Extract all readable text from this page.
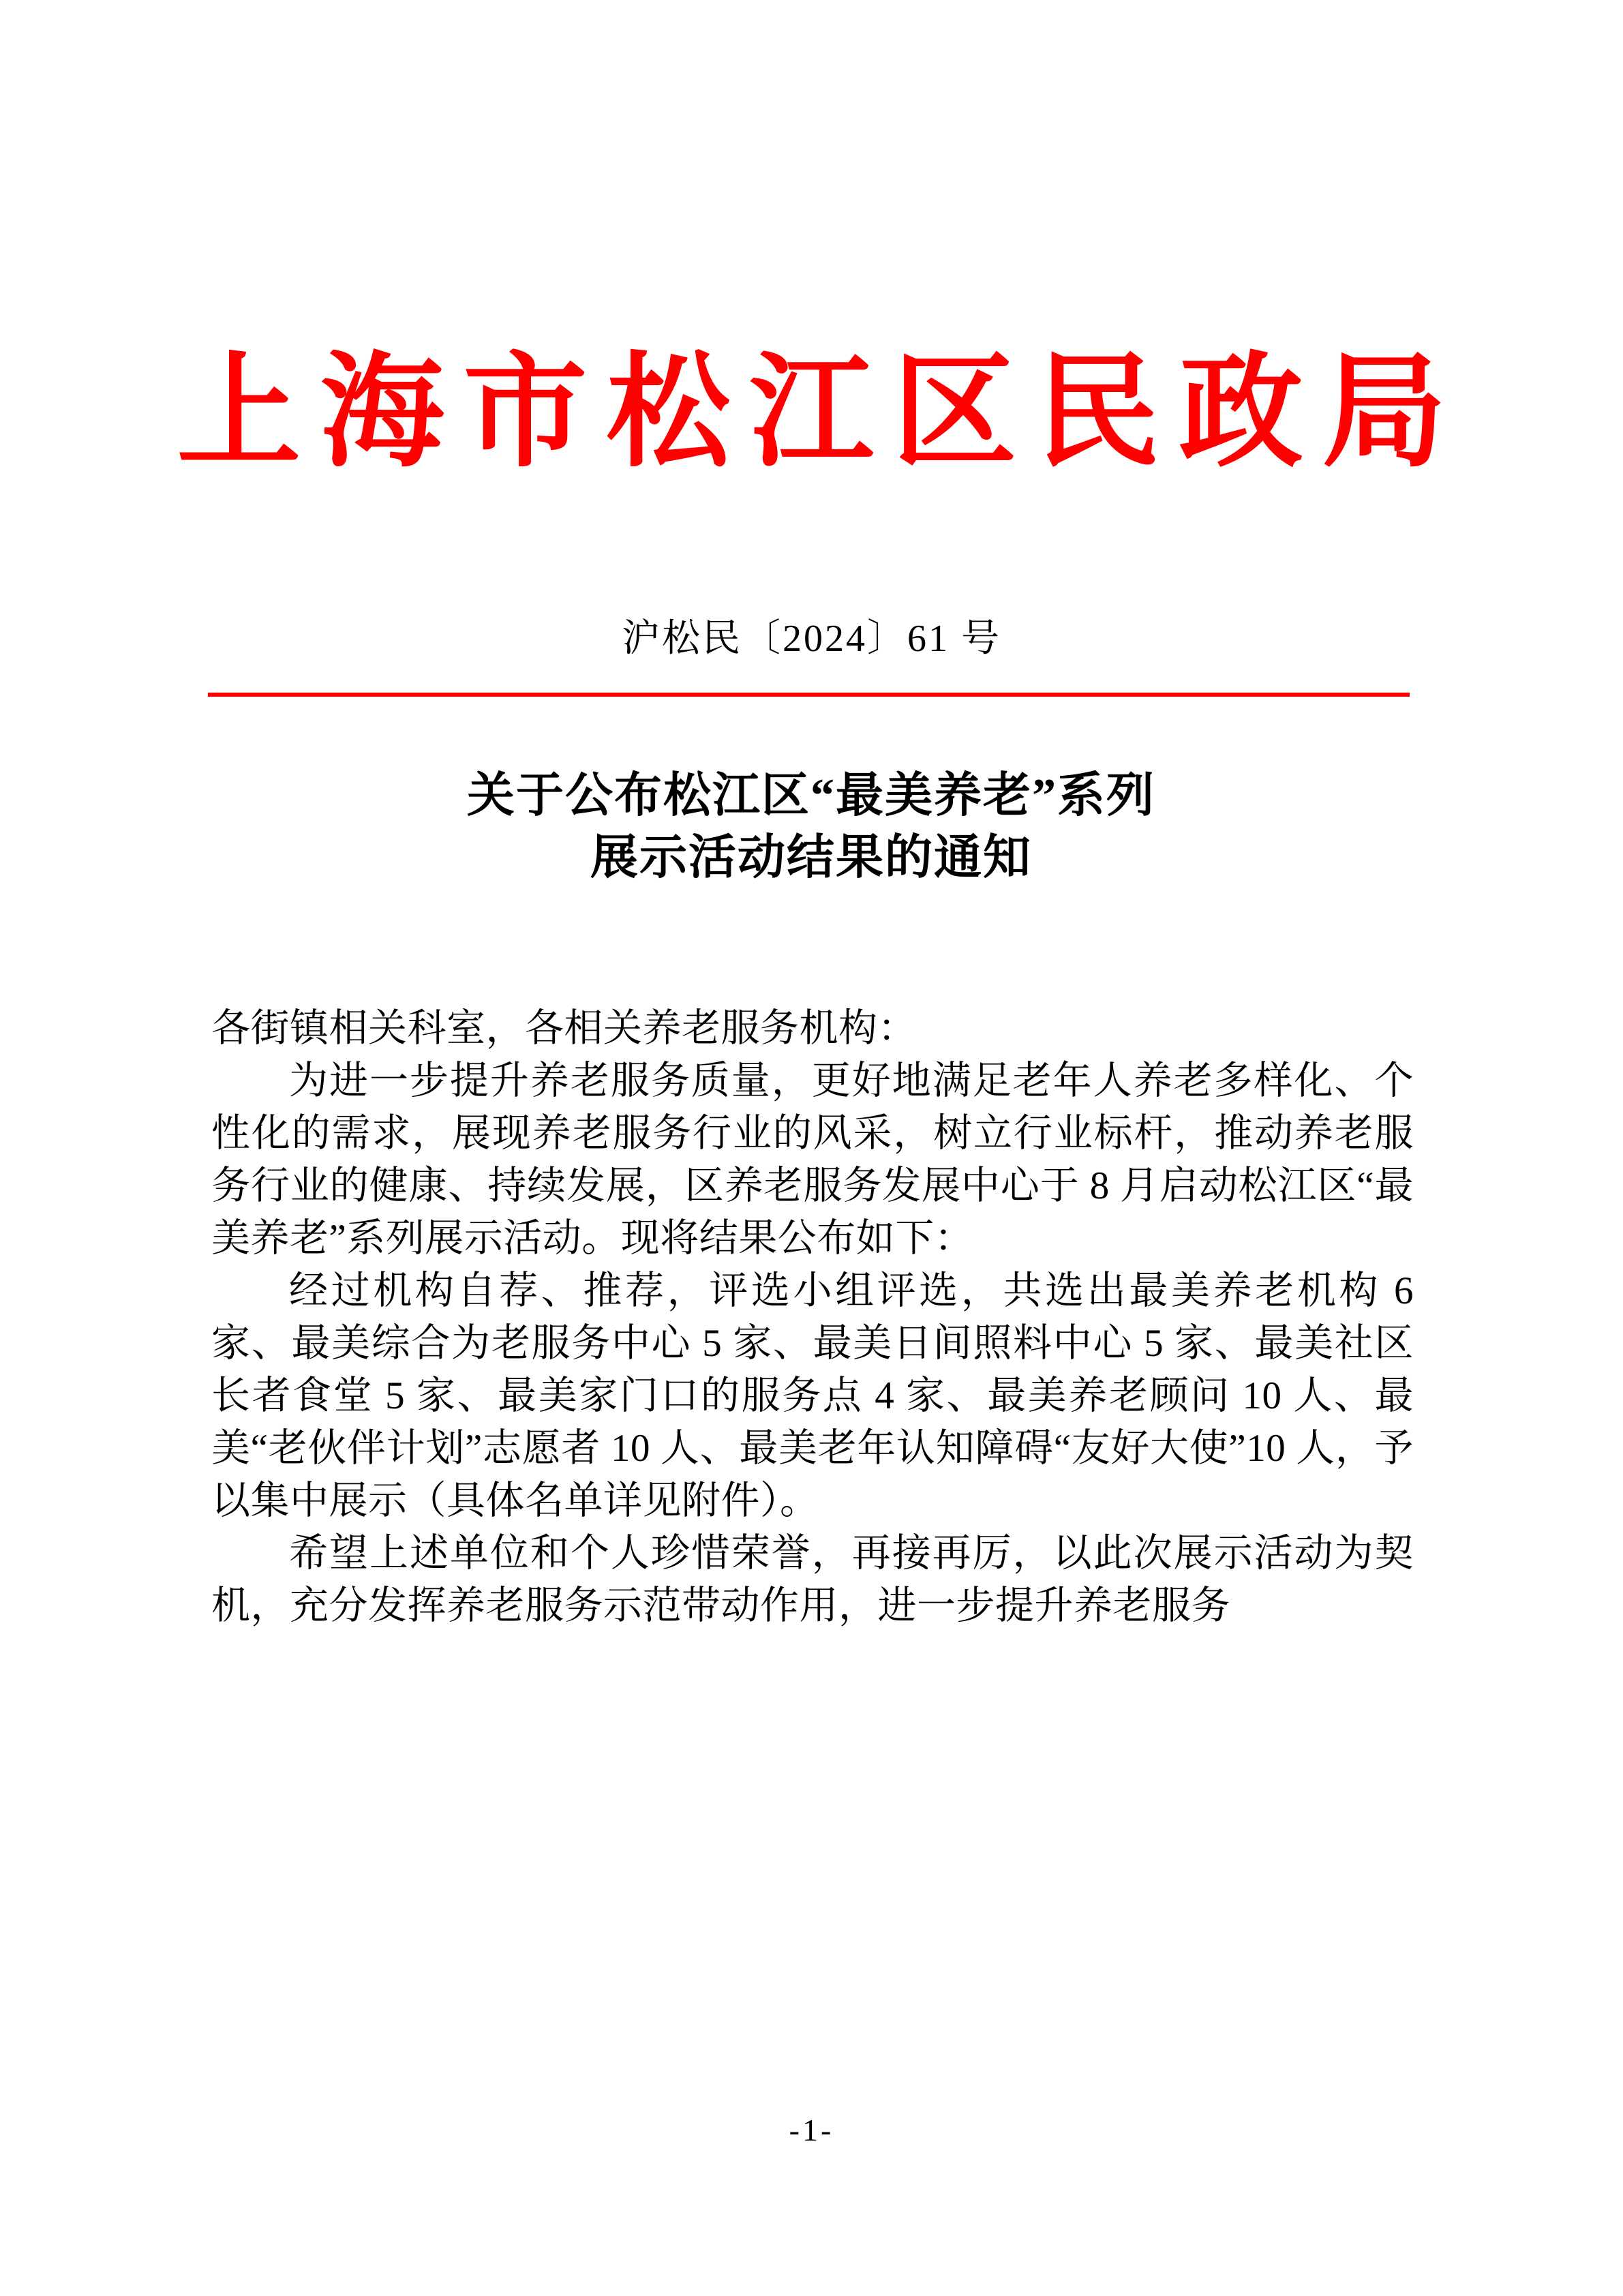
上海市松江区民政局
沪松民〔2024〕61 号
关于公布松江区“最美养老”系列
展示活动结果的通知

各街镇相关科室，各相关养老服务机构：

为进一步提升养老服务质量，更好地满足老年人养老多样化、个性化的需求，展现养老服务行业的风采，树立行业标杆，推动养老服务行业的健康、持续发展，区养老服务发展中心于 8 月启动松江区“最美养老”系列展示活动。现将结果公布如下：

经过机构自荐、推荐，评选小组评选，共选出最美养老机构 6 家、最美综合为老服务中心 5 家、最美日间照料中心 5 家、最美社区长者食堂 5 家、最美家门口的服务点 4 家、最美养老顾问 10 人、最美“老伙伴计划”志愿者 10 人、最美老年认知障碍“友好大使”10 人，予以集中展示（具体名单详见附件）。

希望上述单位和个人珍惜荣誉，再接再厉，以此次展示活动为契机，充分发挥养老服务示范带动作用，进一步提升养老服务

-1-
